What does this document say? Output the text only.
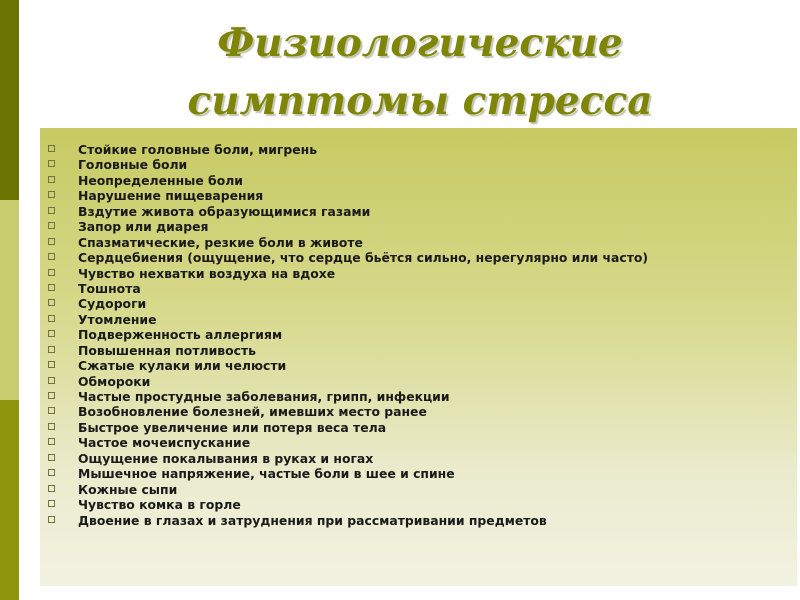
Физиологические
симптомы стресса
Стойкие головные боли, мигрень
Головные боли
Неопределенные боли
Нарушение пищеварения
Вздутие живота образующимися газами
Запор или диарея
Спазматические, резкие боли в животе
Сердцебиения (ощущение, что сердце бьётся сильно, нерегулярно или часто)
Чувство нехватки воздуха на вдохе
Тошнота
Судороги
Утомление
Подверженность аллергиям
Повышенная потливость
Сжатые кулаки или челюсти
Обмороки
Частые простудные заболевания, грипп, инфекции
Возобновление болезней, имевших место ранее
Быстрое увеличение или потеря веса тела
Частое мочеиспускание
Ощущение покалывания в руках и ногах
Мышечное напряжение, частые боли в шее и спине
Кожные сыпи
Чувство комка в горле
Двоение в глазах и затруднения при рассматривании предметов
